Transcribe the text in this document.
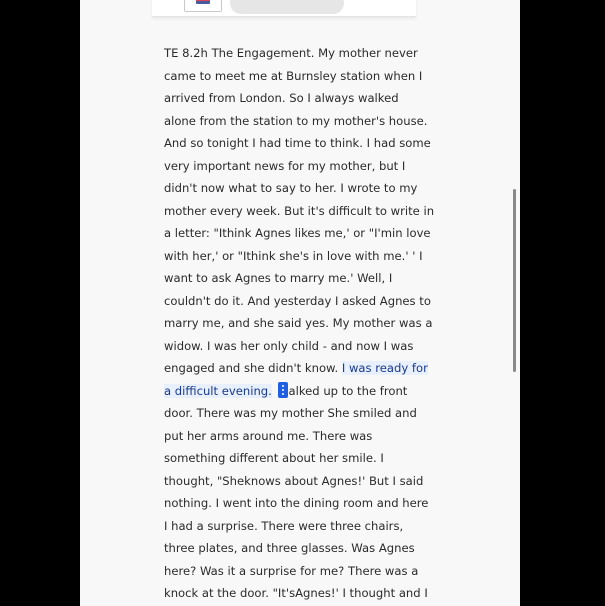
TE 8.2h The Engagement. My mother never
came to meet me at Burnsley station when I
arrived from London. So I always walked
alone from the station to my mother's house.
And so tonight I had time to think. I had some
very important news for my mother, but I
didn't now what to say to her. I wrote to my
mother every week. But it's difficult to write in
a letter: "Ithink Agnes likes me,' or "I'min love
with her,' or "Ithink she's in love with me.' ' I
want to ask Agnes to marry me.' Well, I
couldn't do it. And yesterday I asked Agnes to
marry me, and she said yes. My mother was a
widow. I was her only child - and now I was
engaged and she didn't know. I was ready for
a difficult evening. alked up to the front
door. There was my mother She smiled and
put her arms around me. There was
something different about her smile. I
thought, "Sheknows about Agnes!' But I said
nothing. I went into the dining room and here
I had a surprise. There were three chairs,
three plates, and three glasses. Was Agnes
here? Was it a surprise for me? There was a
knock at the door. "It'sAgnes!' I thought and I
